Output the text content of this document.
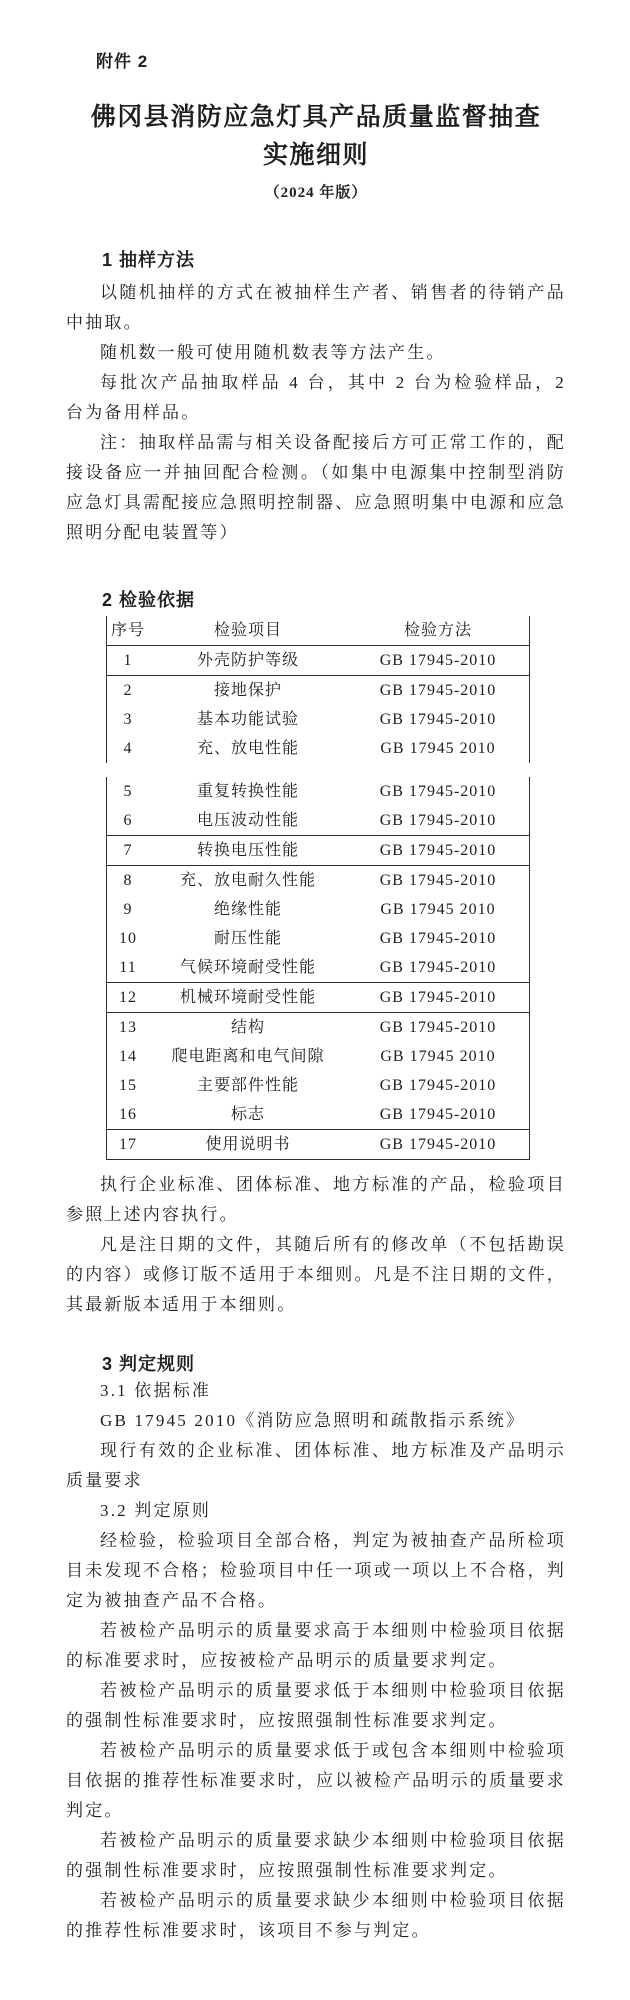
附件 2
佛冈县消防应急灯具产品质量监督抽查
实施细则
（2024 年版）
1 抽样方法

以随机抽样的方式在被抽样生产者、销售者的待销产品中抽取。

随机数一般可使用随机数表等方法产生。

每批次产品抽取样品 4 台，其中 2 台为检验样品，2 台为备用样品。

注：抽取样品需与相关设备配接后方可正常工作的，配接设备应一并抽回配合检测。（如集中电源集中控制型消防应急灯具需配接应急照明控制器、应急照明集中电源和应急照明分配电装置等）

2 检验依据
序号	检验项目	检验方法
1	外壳防护等级	GB 17945-2010
2	接地保护	GB 17945-2010
3	基本功能试验	GB 17945-2010
4	充、放电性能	GB 17945 2010
5	重复转换性能	GB 17945-2010
6	电压波动性能	GB 17945-2010
7	转换电压性能	GB 17945-2010
8	充、放电耐久性能	GB 17945-2010
9	绝缘性能	GB 17945 2010
10	耐压性能	GB 17945-2010
11	气候环境耐受性能	GB 17945-2010
12	机械环境耐受性能	GB 17945-2010
13	结构	GB 17945-2010
14	爬电距离和电气间隙	GB 17945 2010
15	主要部件性能	GB 17945-2010
16	标志	GB 17945-2010
17	使用说明书	GB 17945-2010

执行企业标准、团体标准、地方标准的产品，检验项目参照上述内容执行。

凡是注日期的文件，其随后所有的修改单（不包括勘误的内容）或修订版不适用于本细则。凡是不注日期的文件，其最新版本适用于本细则。

3 判定规则

3.1 依据标准

GB 17945 2010《消防应急照明和疏散指示系统》

现行有效的企业标准、团体标准、地方标准及产品明示质量要求

3.2 判定原则

经检验，检验项目全部合格，判定为被抽查产品所检项目未发现不合格；检验项目中任一项或一项以上不合格，判定为被抽查产品不合格。

若被检产品明示的质量要求高于本细则中检验项目依据的标准要求时，应按被检产品明示的质量要求判定。

若被检产品明示的质量要求低于本细则中检验项目依据的强制性标准要求时，应按照强制性标准要求判定。

若被检产品明示的质量要求低于或包含本细则中检验项目依据的推荐性标准要求时，应以被检产品明示的质量要求判定。

若被检产品明示的质量要求缺少本细则中检验项目依据的强制性标准要求时，应按照强制性标准要求判定。

若被检产品明示的质量要求缺少本细则中检验项目依据的推荐性标准要求时，该项目不参与判定。
